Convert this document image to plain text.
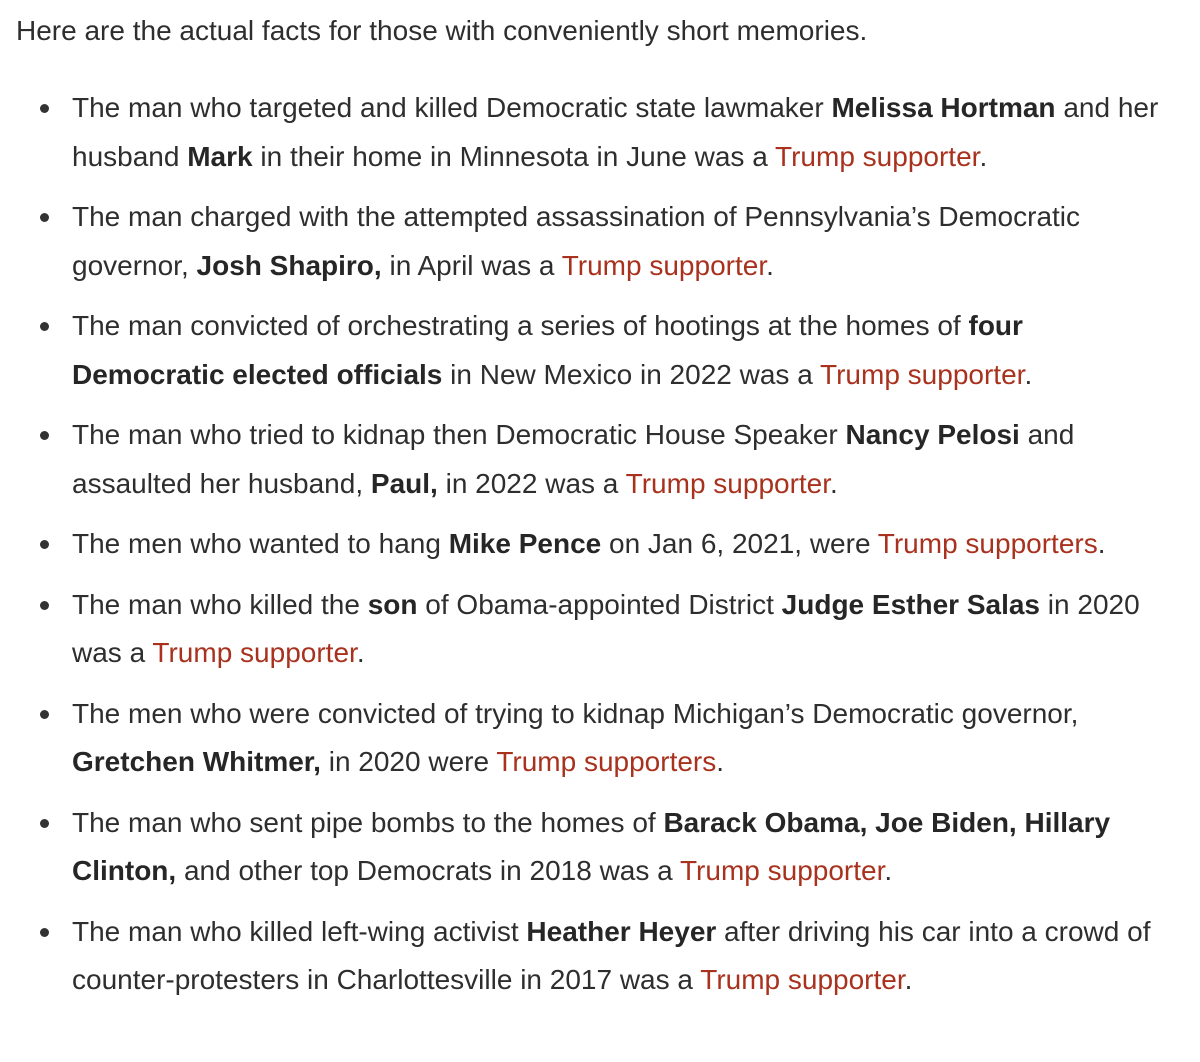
Here are the actual facts for those with conveniently short memories.

The man who targeted and killed Democratic state lawmaker Melissa Hortman and her husband Mark in their home in Minnesota in June was a Trump supporter.
The man charged with the attempted assassination of Pennsylvania’s Democratic governor, Josh Shapiro, in April was a Trump supporter.
The man convicted of orchestrating a series of hootings at the homes of four Democratic elected officials in New Mexico in 2022 was a Trump supporter.
The man who tried to kidnap then Democratic House Speaker Nancy Pelosi and assaulted her husband, Paul, in 2022 was a Trump supporter.
The men who wanted to hang Mike Pence on Jan 6, 2021, were Trump supporters.
The man who killed the son of Obama-appointed District Judge Esther Salas in 2020 was a Trump supporter.
The men who were convicted of trying to kidnap Michigan’s Democratic governor, Gretchen Whitmer, in 2020 were Trump supporters.
The man who sent pipe bombs to the homes of Barack Obama, Joe Biden, Hillary Clinton, and other top Democrats in 2018 was a Trump supporter.
The man who killed left-wing activist Heather Heyer after driving his car into a crowd of counter-protesters in Charlottesville in 2017 was a Trump supporter.
